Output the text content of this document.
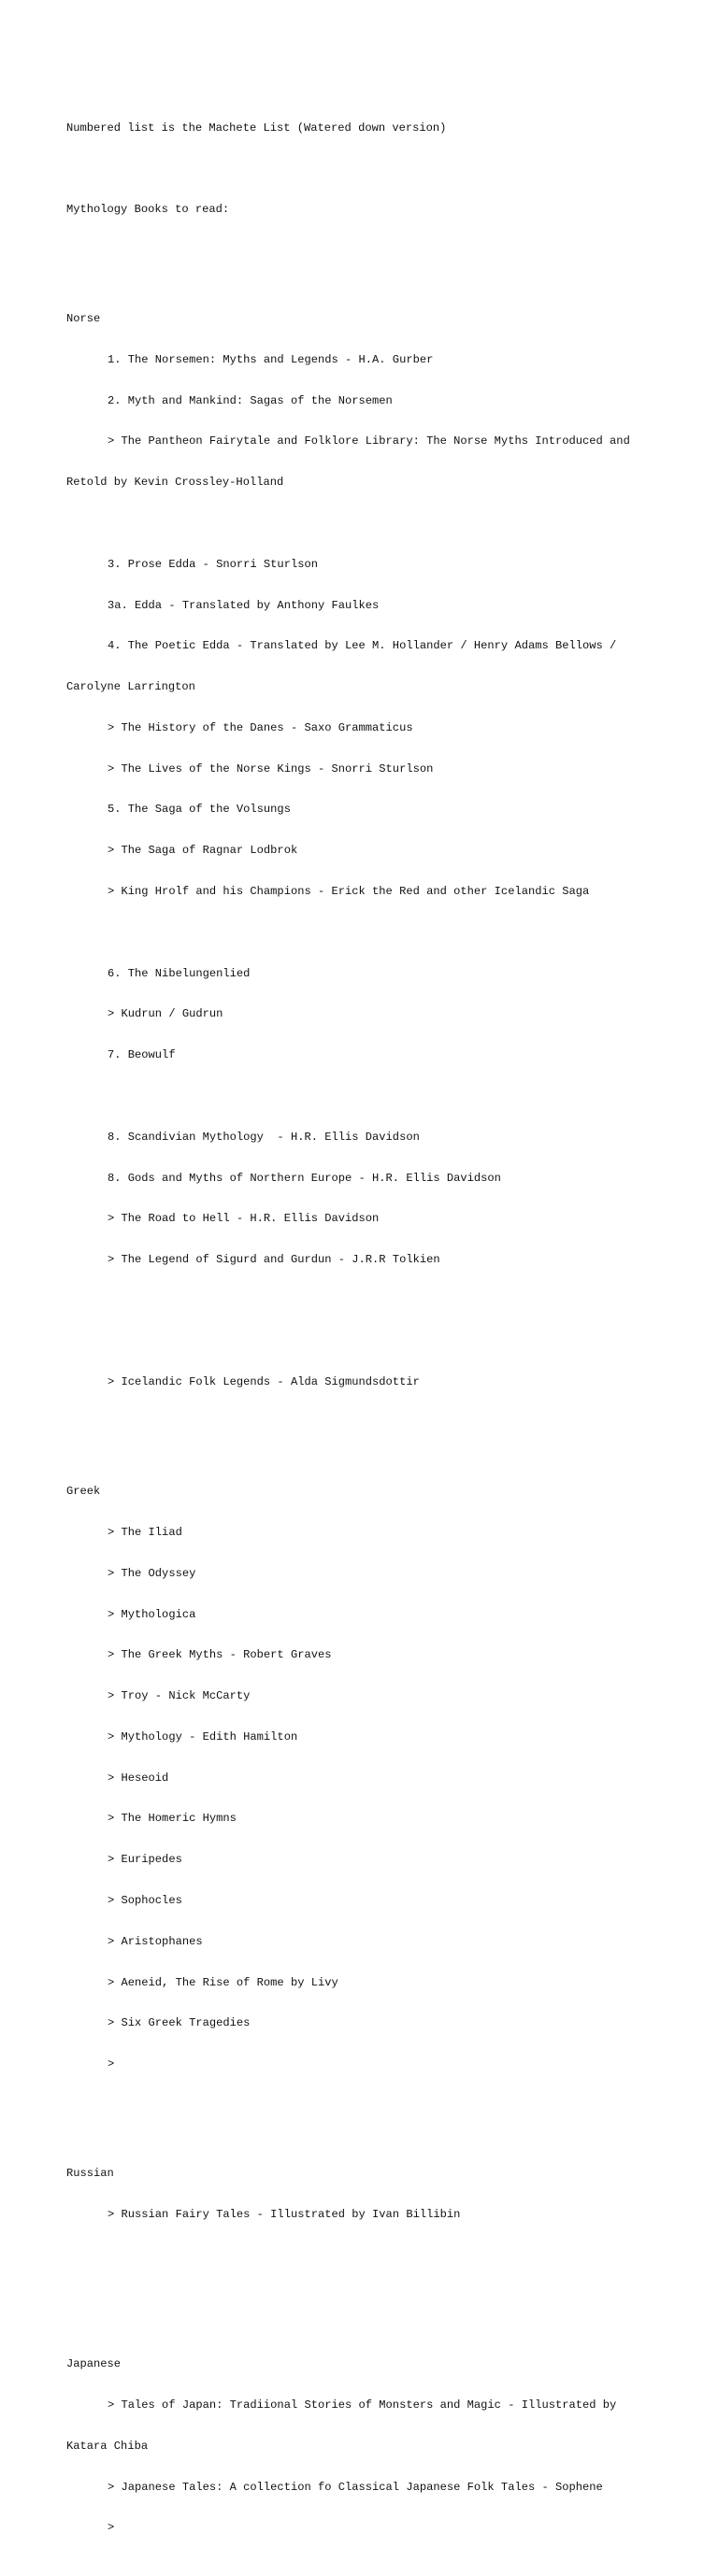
Numbered list is the Machete List (Watered down version)

Mythology Books to read:

Norse

1. The Norsemen: Myths and Legends - H.A. Gurber

2. Myth and Mankind: Sagas of the Norsemen

> The Pantheon Fairytale and Folklore Library: The Norse Myths Introduced and

Retold by Kevin Crossley-Holland

3. Prose Edda - Snorri Sturlson

3a. Edda - Translated by Anthony Faulkes

4. The Poetic Edda - Translated by Lee M. Hollander / Henry Adams Bellows /

Carolyne Larrington

> The History of the Danes - Saxo Grammaticus

> The Lives of the Norse Kings - Snorri Sturlson

5. The Saga of the Volsungs

> The Saga of Ragnar Lodbrok

> King Hrolf and his Champions - Erick the Red and other Icelandic Saga

6. The Nibelungenlied

> Kudrun / Gudrun

7. Beowulf

8. Scandivian Mythology  - H.R. Ellis Davidson

8. Gods and Myths of Northern Europe - H.R. Ellis Davidson

> The Road to Hell - H.R. Ellis Davidson

> The Legend of Sigurd and Gurdun - J.R.R Tolkien

> Icelandic Folk Legends - Alda Sigmundsdottir

Greek

> The Iliad

> The Odyssey

> Mythologica

> The Greek Myths - Robert Graves

> Troy - Nick McCarty

> Mythology - Edith Hamilton

> Heseoid

> The Homeric Hymns

> Euripedes

> Sophocles

> Aristophanes

> Aeneid, The Rise of Rome by Livy

> Six Greek Tragedies

>

Russian

> Russian Fairy Tales - Illustrated by Ivan Billibin

Japanese

> Tales of Japan: Tradiional Stories of Monsters and Magic - Illustrated by

Katara Chiba

> Japanese Tales: A collection fo Classical Japanese Folk Tales - Sophene

>
